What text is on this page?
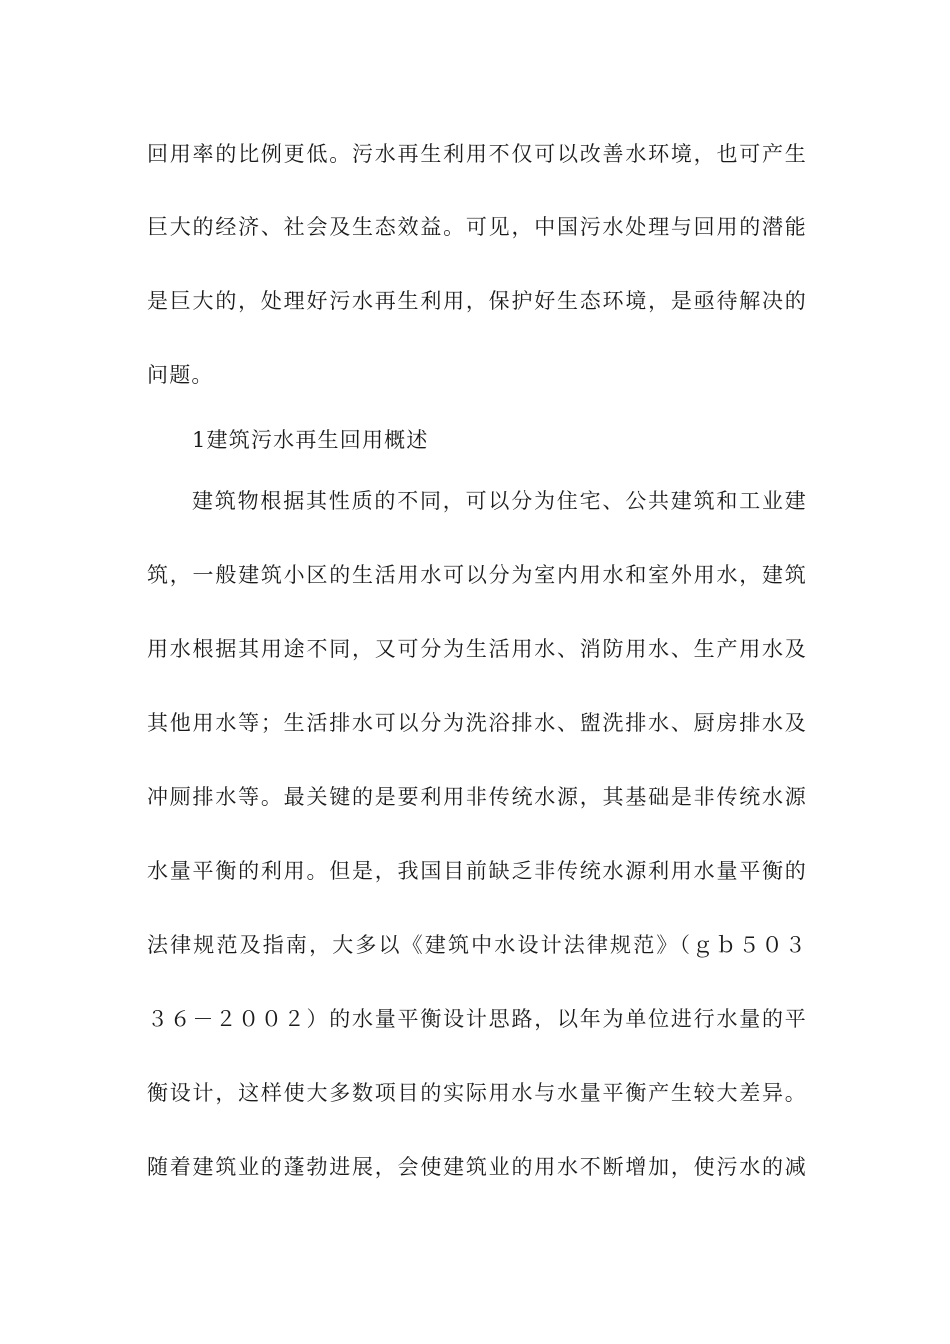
回用率的比例更低。污水再生利用不仅可以改善水环境，也可产生
巨大的经济、社会及生态效益。可见，中国污水处理与回用的潜能
是巨大的，处理好污水再生利用，保护好生态环境，是亟待解决的
问题。
1建筑污水再生回用概述
建筑物根据其性质的不同，可以分为住宅、公共建筑和工业建
筑，一般建筑小区的生活用水可以分为室内用水和室外用水，建筑
用水根据其用途不同，又可分为生活用水、消防用水、生产用水及
其他用水等；生活排水可以分为洗浴排水、盥洗排水、厨房排水及
冲厕排水等。最关键的是要利用非传统水源，其基础是非传统水源
水量平衡的利用。但是，我国目前缺乏非传统水源利用水量平衡的
法律规范及指南，大多以《建筑中水设计法律规范》（ｇｂ５０３
３６－２００２）的水量平衡设计思路，以年为单位进行水量的平
衡设计，这样使大多数项目的实际用水与水量平衡产生较大差异。
随着建筑业的蓬勃进展，会使建筑业的用水不断增加，使污水的减
